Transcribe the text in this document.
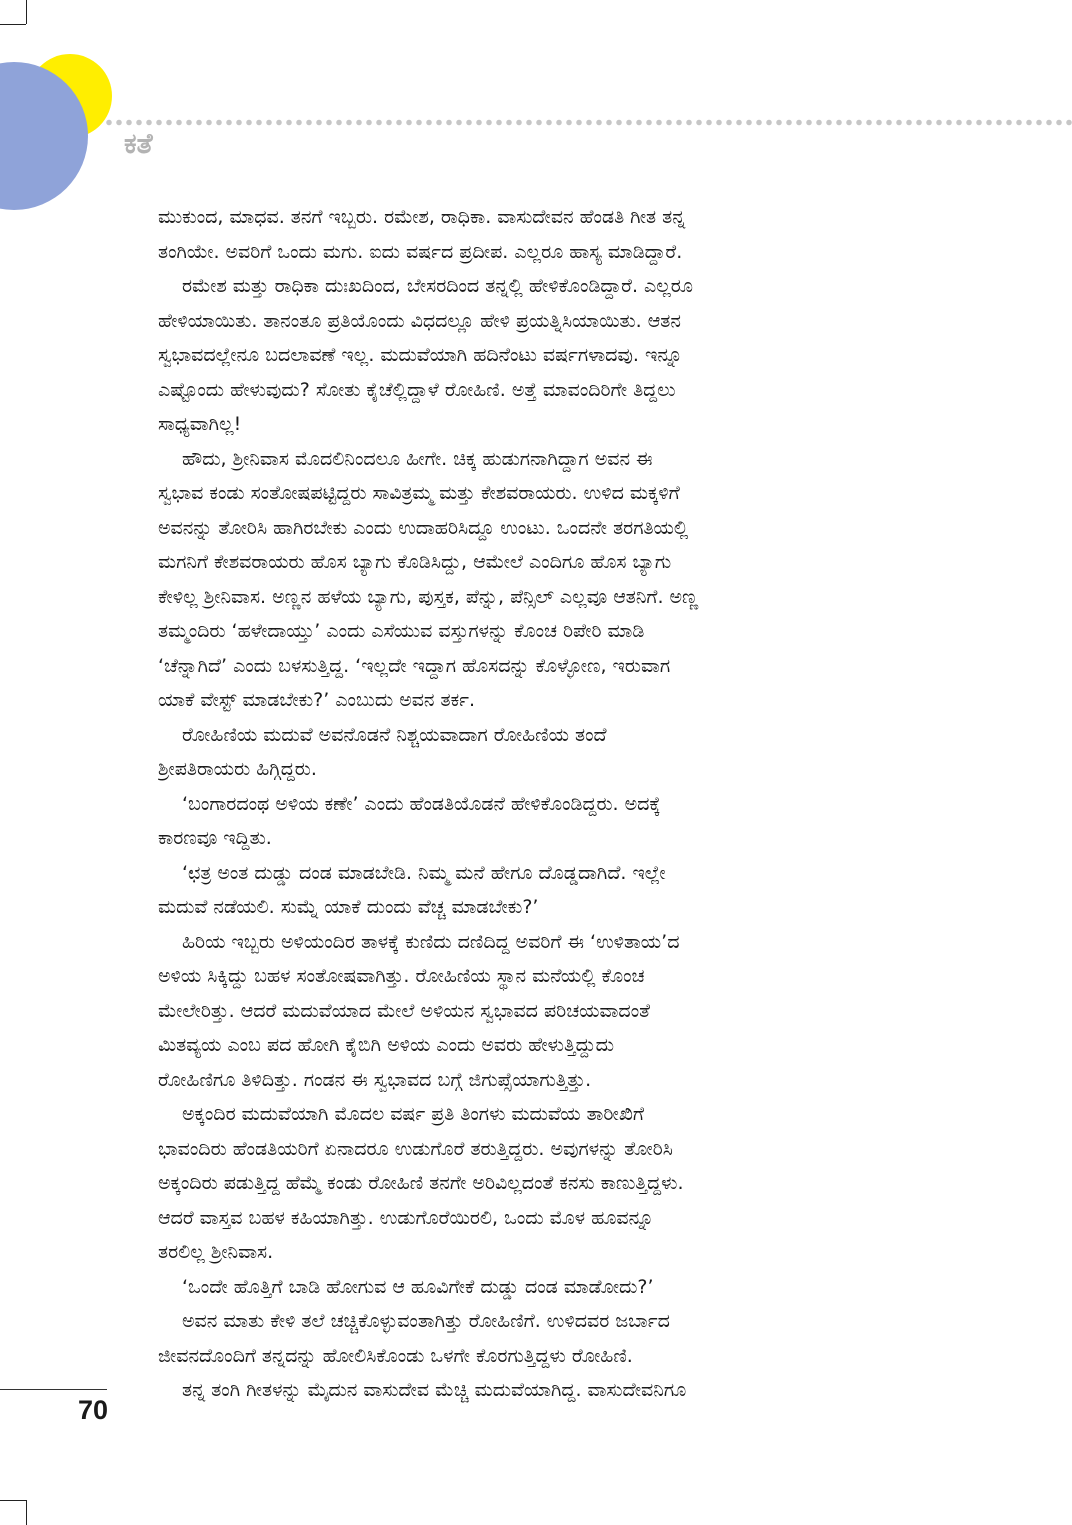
ಕತೆ
ಮುಕುಂದ, ಮಾಧವ. ತನಗೆ ಇಬ್ಬರು. ರಮೇಶ, ರಾಧಿಕಾ. ವಾಸುದೇವನ ಹೆಂಡತಿ ಗೀತ ತನ್ನ
ತಂಗಿಯೇ. ಅವರಿಗೆ ಒಂದು ಮಗು. ಐದು ವರ್ಷದ ಪ್ರದೀಪ. ಎಲ್ಲರೂ ಹಾಸ್ಯ ಮಾಡಿದ್ದಾರೆ.
ರಮೇಶ ಮತ್ತು ರಾಧಿಕಾ ದುಃಖದಿಂದ, ಬೇಸರದಿಂದ ತನ್ನಲ್ಲಿ ಹೇಳಿಕೊಂಡಿದ್ದಾರೆ. ಎಲ್ಲರೂ
ಹೇಳಿಯಾಯಿತು. ತಾನಂತೂ ಪ್ರತಿಯೊಂದು ವಿಧದಲ್ಲೂ ಹೇಳಿ ಪ್ರಯತ್ನಿಸಿಯಾಯಿತು. ಆತನ
ಸ್ವಭಾವದಲ್ಲೇನೂ ಬದಲಾವಣೆ ಇಲ್ಲ. ಮದುವೆಯಾಗಿ ಹದಿನೆಂಟು ವರ್ಷಗಳಾದವು. ಇನ್ನೂ
ಎಷ್ಟೊಂದು ಹೇಳುವುದು? ಸೋತು ಕೈಚೆಲ್ಲಿದ್ದಾಳೆ ರೋಹಿಣಿ. ಅತ್ತೆ ಮಾವಂದಿರಿಗೇ ತಿದ್ದಲು
ಸಾಧ್ಯವಾಗಿಲ್ಲ!
ಹೌದು, ಶ್ರೀನಿವಾಸ ಮೊದಲಿನಿಂದಲೂ ಹೀಗೇ. ಚಿಕ್ಕ ಹುಡುಗನಾಗಿದ್ದಾಗ ಅವನ ಈ
ಸ್ವಭಾವ ಕಂಡು ಸಂತೋಷಪಟ್ಟಿದ್ದರು ಸಾವಿತ್ರಮ್ಮ ಮತ್ತು ಕೇಶವರಾಯರು. ಉಳಿದ ಮಕ್ಕಳಿಗೆ
ಅವನನ್ನು ತೋರಿಸಿ ಹಾಗಿರಬೇಕು ಎಂದು ಉದಾಹರಿಸಿದ್ದೂ ಉಂಟು. ಒಂದನೇ ತರಗತಿಯಲ್ಲಿ
ಮಗನಿಗೆ ಕೇಶವರಾಯರು ಹೊಸ ಬ್ಯಾಗು ಕೊಡಿಸಿದ್ದು, ಆಮೇಲೆ ಎಂದಿಗೂ ಹೊಸ ಬ್ಯಾಗು
ಕೇಳಿಲ್ಲ ಶ್ರೀನಿವಾಸ. ಅಣ್ಣನ ಹಳೆಯ ಬ್ಯಾಗು, ಪುಸ್ತಕ, ಪೆನ್ನು, ಪೆನ್ಸಿಲ್ ಎಲ್ಲವೂ ಆತನಿಗೆ. ಅಣ್ಣ
ತಮ್ಮಂದಿರು ‘ಹಳೇದಾಯ್ತು’ ಎಂದು ಎಸೆಯುವ ವಸ್ತುಗಳನ್ನು ಕೊಂಚ ರಿಪೇರಿ ಮಾಡಿ
‘ಚೆನ್ನಾಗಿದೆ’ ಎಂದು ಬಳಸುತ್ತಿದ್ದ. ‘ಇಲ್ಲದೇ ಇದ್ದಾಗ ಹೊಸದನ್ನು ಕೊಳ್ಳೋಣ, ಇರುವಾಗ
ಯಾಕೆ ವೇಸ್ಟ್ ಮಾಡಬೇಕು?’ ಎಂಬುದು ಅವನ ತರ್ಕ.
ರೋಹಿಣಿಯ ಮದುವೆ ಅವನೊಡನೆ ನಿಶ್ಚಯವಾದಾಗ ರೋಹಿಣಿಯ ತಂದೆ
ಶ್ರೀಪತಿರಾಯರು ಹಿಗ್ಗಿದ್ದರು.
‘ಬಂಗಾರದಂಥ ಅಳಿಯ ಕಣೇ’ ಎಂದು ಹೆಂಡತಿಯೊಡನೆ ಹೇಳಿಕೊಂಡಿದ್ದರು. ಅದಕ್ಕೆ
ಕಾರಣವೂ ಇದ್ದಿತು.
‘ಛತ್ರ ಅಂತ ದುಡ್ಡು ದಂಡ ಮಾಡಬೇಡಿ. ನಿಮ್ಮ ಮನೆ ಹೇಗೂ ದೊಡ್ಡದಾಗಿದೆ. ಇಲ್ಲೇ
ಮದುವೆ ನಡೆಯಲಿ. ಸುಮ್ನೆ ಯಾಕೆ ದುಂದು ವೆಚ್ಚ ಮಾಡಬೇಕು?’
ಹಿರಿಯ ಇಬ್ಬರು ಅಳಿಯಂದಿರ ತಾಳಕ್ಕೆ ಕುಣಿದು ದಣಿದಿದ್ದ ಅವರಿಗೆ ಈ ‘ಉಳಿತಾಯ’ದ
ಅಳಿಯ ಸಿಕ್ಕಿದ್ದು ಬಹಳ ಸಂತೋಷವಾಗಿತ್ತು. ರೋಹಿಣಿಯ ಸ್ಥಾನ ಮನೆಯಲ್ಲಿ ಕೊಂಚ
ಮೇಲೇರಿತ್ತು. ಆದರೆ ಮದುವೆಯಾದ ಮೇಲೆ ಅಳಿಯನ ಸ್ವಭಾವದ ಪರಿಚಯವಾದಂತೆ
ಮಿತವ್ಯಯ ಎಂಬ ಪದ ಹೋಗಿ ಕೈಬಿಗಿ ಅಳಿಯ ಎಂದು ಅವರು ಹೇಳುತ್ತಿದ್ದುದು
ರೋಹಿಣಿಗೂ ತಿಳಿದಿತ್ತು. ಗಂಡನ ಈ ಸ್ವಭಾವದ ಬಗ್ಗೆ ಜಿಗುಪ್ಸೆಯಾಗುತ್ತಿತ್ತು.
ಅಕ್ಕಂದಿರ ಮದುವೆಯಾಗಿ ಮೊದಲ ವರ್ಷ ಪ್ರತಿ ತಿಂಗಳು ಮದುವೆಯ ತಾರೀಖಿಗೆ
ಭಾವಂದಿರು ಹೆಂಡತಿಯರಿಗೆ ಏನಾದರೂ ಉಡುಗೊರೆ ತರುತ್ತಿದ್ದರು. ಅವುಗಳನ್ನು ತೋರಿಸಿ
ಅಕ್ಕಂದಿರು ಪಡುತ್ತಿದ್ದ ಹೆಮ್ಮೆ ಕಂಡು ರೋಹಿಣಿ ತನಗೇ ಅರಿವಿಲ್ಲದಂತೆ ಕನಸು ಕಾಣುತ್ತಿದ್ದಳು.
ಆದರೆ ವಾಸ್ತವ ಬಹಳ ಕಹಿಯಾಗಿತ್ತು. ಉಡುಗೊರೆಯಿರಲಿ, ಒಂದು ಮೊಳ ಹೂವನ್ನೂ
ತರಲಿಲ್ಲ ಶ್ರೀನಿವಾಸ.
‘ಒಂದೇ ಹೊತ್ತಿಗೆ ಬಾಡಿ ಹೋಗುವ ಆ ಹೂವಿಗೇಕೆ ದುಡ್ಡು ದಂಡ ಮಾಡೋದು?’
ಅವನ ಮಾತು ಕೇಳಿ ತಲೆ ಚಚ್ಚಿಕೊಳ್ಳುವಂತಾಗಿತ್ತು ರೋಹಿಣಿಗೆ. ಉಳಿದವರ ಜರ್ಬಾದ
ಜೀವನದೊಂದಿಗೆ ತನ್ನದನ್ನು ಹೋಲಿಸಿಕೊಂಡು ಒಳಗೇ ಕೊರಗುತ್ತಿದ್ದಳು ರೋಹಿಣಿ.
ತನ್ನ ತಂಗಿ ಗೀತಳನ್ನು ಮೈದುನ ವಾಸುದೇವ ಮೆಚ್ಚಿ ಮದುವೆಯಾಗಿದ್ದ. ವಾಸುದೇವನಿಗೂ
70
